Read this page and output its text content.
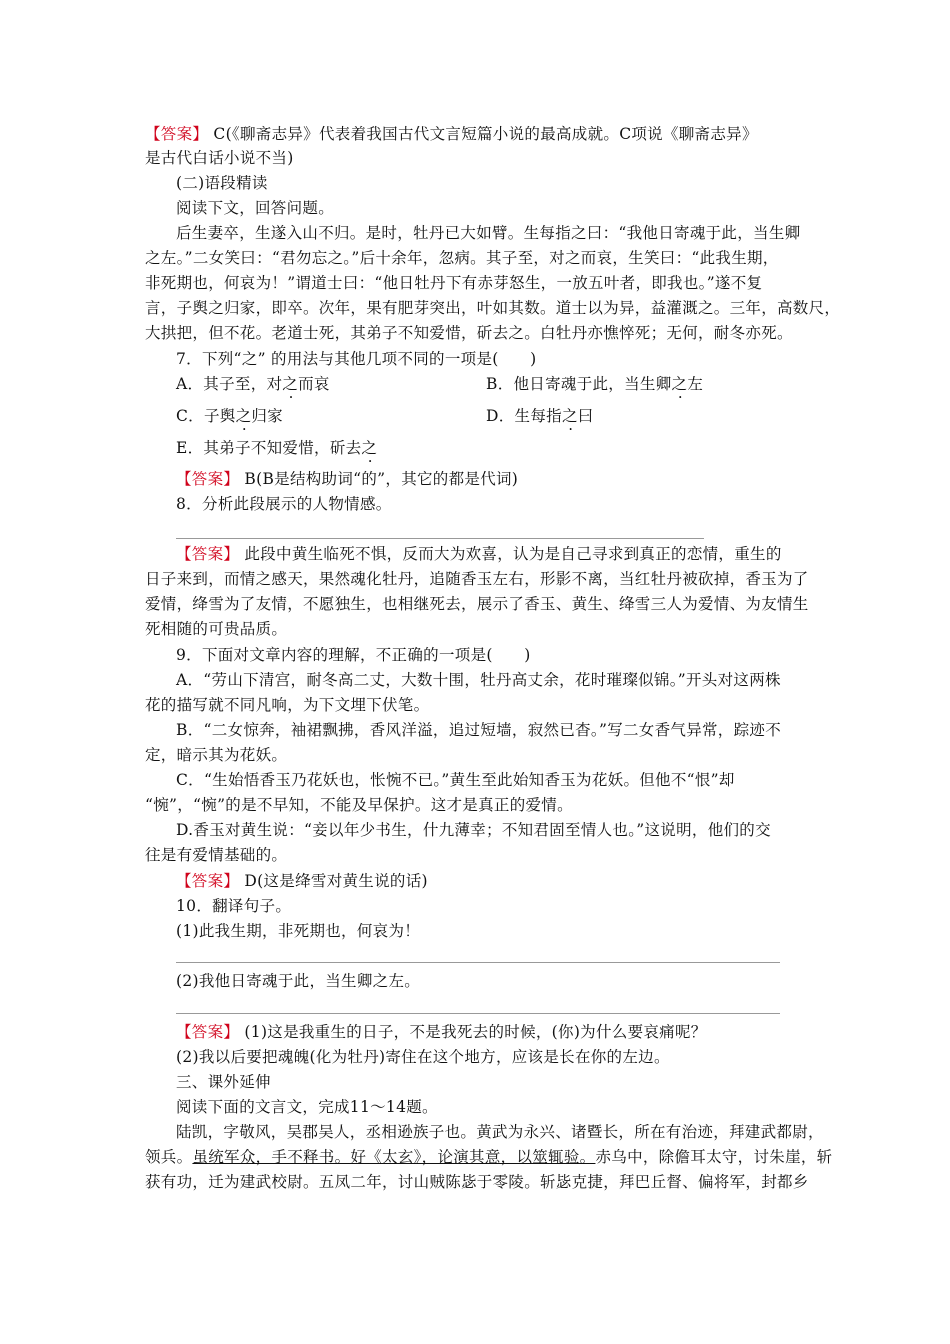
【答案】 C(《聊斋志异》代表着我国古代文言短篇小说的最高成就。C项说《聊斋志异》
是古代白话小说不当)
(二)语段精读
阅读下文，回答问题。
后生妻卒，生遂入山不归。是时，牡丹已大如臂。生每指之曰：“我他日寄魂于此，当生卿
之左。”二女笑曰：“君勿忘之。”后十余年，忽病。其子至，对之而哀，生笑曰：“此我生期，
非死期也，何哀为！”谓道士曰：“他日牡丹下有赤芽怒生，一放五叶者，即我也。”遂不复
言，子舆之归家，即卒。次年，果有肥芽突出，叶如其数。道士以为异，益灌溉之。三年，高数尺，
大拱把，但不花。老道士死，其弟子不知爱惜，斫去之。白牡丹亦憔悴死；无何，耐冬亦死。
7．下列“之” 的用法与其他几项不同的一项是(　　)
A．其子至，对之而哀	B．他日寄魂于此，当生卿之左
C．子舆之归家	D．生每指之曰
E．其弟子不知爱惜，斫去之
【答案】 B(B是结构助词“的”，其它的都是代词)
8．分析此段展示的人物情感。
【答案】 此段中黄生临死不惧，反而大为欢喜，认为是自己寻求到真正的恋情，重生的
日子来到，而情之感天，果然魂化牡丹，追随香玉左右，形影不离，当红牡丹被砍掉，香玉为了
爱情，绛雪为了友情，不愿独生，也相继死去，展示了香玉、黄生、绛雪三人为爱情、为友情生
死相随的可贵品质。
9．下面对文章内容的理解，不正确的一项是(　　)
A．“劳山下清宫，耐冬高二丈，大数十围，牡丹高丈余，花时璀璨似锦。”开头对这两株
花的描写就不同凡响，为下文埋下伏笔。
B．“二女惊奔，袖裙飘拂，香风洋溢，追过短墙，寂然已杳。”写二女香气异常，踪迹不
定，暗示其为花妖。
C．“生始悟香玉乃花妖也，怅惋不已。”黄生至此始知香玉为花妖。但他不“恨”却
“惋”，“惋”的是不早知，不能及早保护。这才是真正的爱情。
D.香玉对黄生说：“妾以年少书生，什九薄幸；不知君固至情人也。”这说明，他们的交
往是有爱情基础的。
【答案】 D(这是绛雪对黄生说的话)
10．翻译句子。
(1)此我生期，非死期也，何哀为！
(2)我他日寄魂于此，当生卿之左。
【答案】 (1)这是我重生的日子，不是我死去的时候，(你)为什么要哀痛呢？
(2)我以后要把魂魄(化为牡丹)寄住在这个地方，应该是长在你的左边。
三、课外延伸
阅读下面的文言文，完成11～14题。
陆凯，字敬风，吴郡吴人，丞相逊族子也。黄武为永兴、诸暨长，所在有治迹，拜建武都尉，
领兵。虽统军众，手不释书。好《太玄》，论演其意，以筮辄验。赤乌中，除儋耳太守，讨朱崖，斩
获有功，迁为建武校尉。五凤二年，讨山贼陈毖于零陵。斩毖克捷，拜巴丘督、偏将军，封都乡
